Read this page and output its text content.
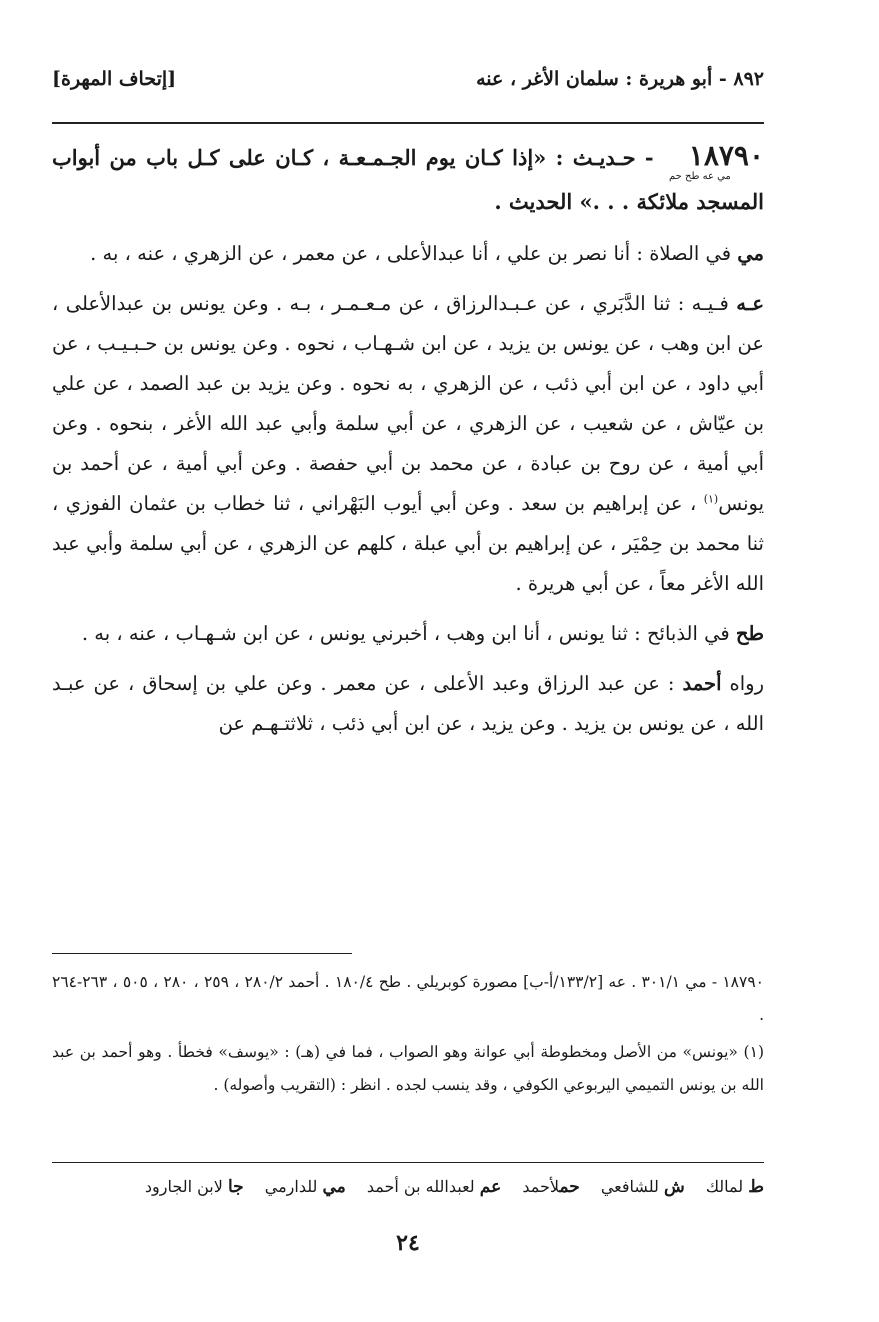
٨٩٢ - أبو هريرة : سلمان الأغر ، عنه
[إتحاف المهرة]

١٨٧٩٠مي عه طح حم - حـديـث : «إذا كـان يوم الجـمـعـة ، كـان على كـل باب من أبواب المسجد ملائكة . . .» الحديث .

مي في الصلاة : أنا نصر بن علي ، أنا عبدالأعلى ، عن معمر ، عن الزهري ، عنه ، به .

عـه فـيـه : ثنا الدَّبَري ، عن عـبـدالرزاق ، عن مـعـمـر ، بـه . وعن يونس بن عبدالأعلى ، عن ابن وهب ، عن يونس بن يزيد ، عن ابن شـهـاب ، نحوه . وعن يونس بن حـبـيـب ، عن أبي داود ، عن ابن أبي ذئب ، عن الزهري ، به نحوه . وعن يزيد بن عبد الصمد ، عن علي بن عيّاش ، عن شعيب ، عن الزهري ، عن أبي سلمة وأبي عبد الله الأغر ، بنحوه . وعن أبي أمية ، عن روح بن عبادة ، عن محمد بن أبي حفصة . وعن أبي أمية ، عن أحمد بن يونس$^{(١)}$ ، عن إبراهيم بن سعد . وعن أبي أيوب البَهْراني ، ثنا خطاب بن عثمان الفوزي ، ثنا محمد بن حِمْيَر ، عن إبراهيم بن أبي عبلة ، كلهم عن الزهري ، عن أبي سلمة وأبي عبد الله الأغر معاً ، عن أبي هريرة .

طح في الذبائح : ثنا يونس ، أنا ابن وهب ، أخبرني يونس ، عن ابن شـهـاب ، عنه ، به .

رواه أحمد : عن عبد الرزاق وعبد الأعلى ، عن معمر . وعن علي بن إسحاق ، عن عبـد الله ، عن يونس بن يزيد . وعن يزيد ، عن ابن أبي ذئب ، ثلاثتـهـم عن

١٨٧٩٠ - مي ٣٠١/١ . عه [١٣٣/٢/أ-ب] مصورة كوبريلي . طح ١٨٠/٤ . أحمد ٢٨٠/٢ ، ٢٥٩ ، ٢٨٠ ، ٥٠٥ ، ٢٦٣-٢٦٤ .

(١) «يونس» من الأصل ومخطوطة أبي عوانة وهو الصواب ، فما في (هـ) : «يوسف» فخطأ . وهو أحمد بن عبد الله بن يونس التميمي اليربوعي الكوفي ، وقد ينسب لجده . انظر : (التقريب وأصوله) .

ط لمالك ش للشافعي حملأحمد عم لعبدالله بن أحمد مي للدارمي جا لابن الجارود
٢٤
